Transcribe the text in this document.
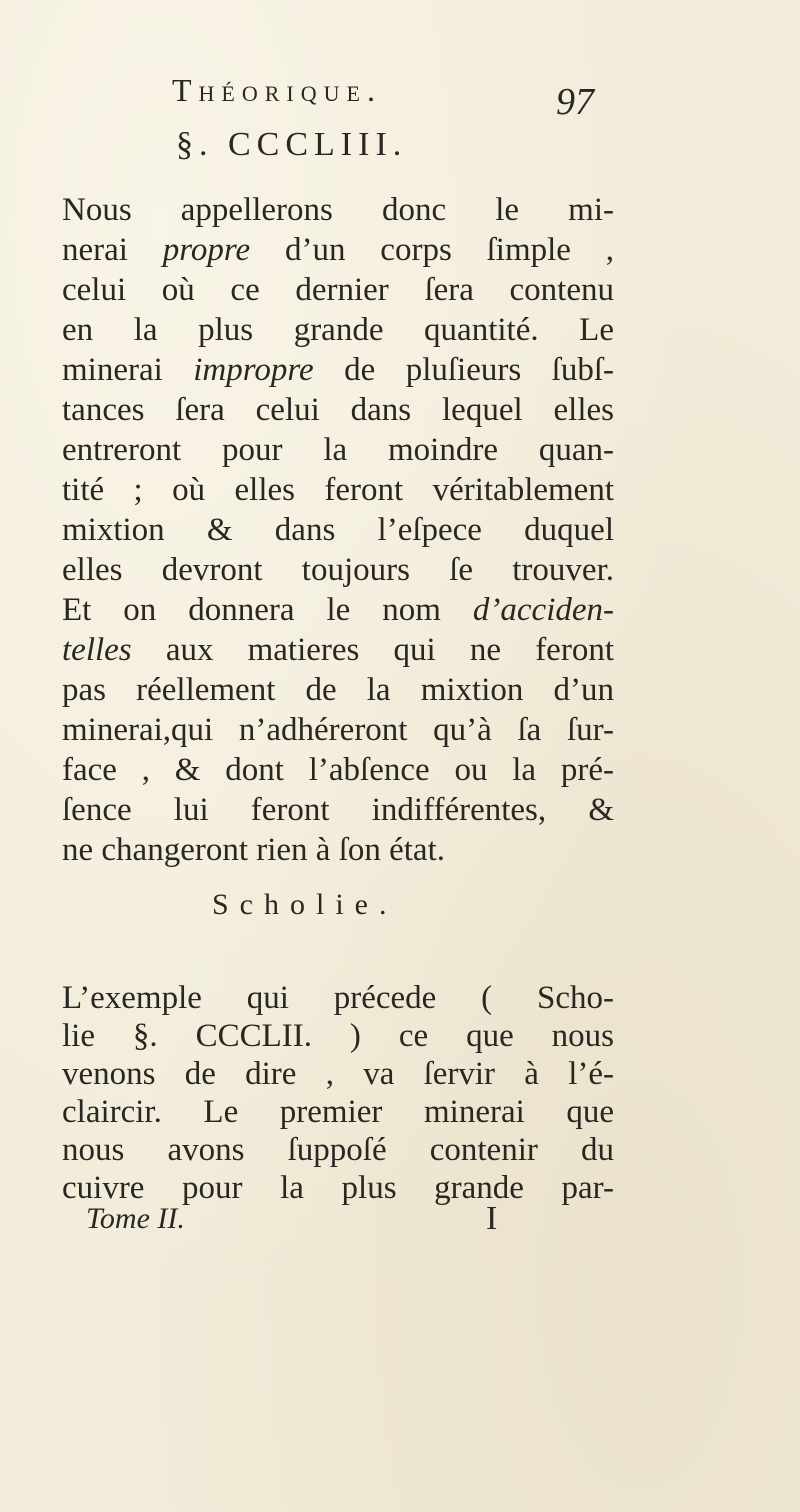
Théorique.	97
§. CCCLIII.
Nous appellerons donc le mi-
nerai propre d’un corps ſimple ,
celui où ce dernier ſera contenu
en la plus grande quantité. Le
minerai impropre de pluſieurs ſubſ-
tances ſera celui dans lequel elles
entreront pour la moindre quan-
tité ; où elles feront véritablement
mixtion & dans l’eſpece duquel
elles devront toujours ſe trouver.
Et on donnera le nom d’acciden-
telles aux matieres qui ne feront
pas réellement de la mixtion d’un
minerai,qui n’adhéreront qu’à ſa ſur-
face , & dont l’abſence ou la pré-
ſence lui feront indifférentes, &
ne changeront rien à ſon état.
Scholie.
L’exemple qui précede ( Scho-
lie §. CCCLII. ) ce que nous
venons de dire , va ſervir à l’é-
claircir. Le premier minerai que
nous avons ſuppoſé contenir du
cuivre pour la plus grande par-
Tome II.	I
